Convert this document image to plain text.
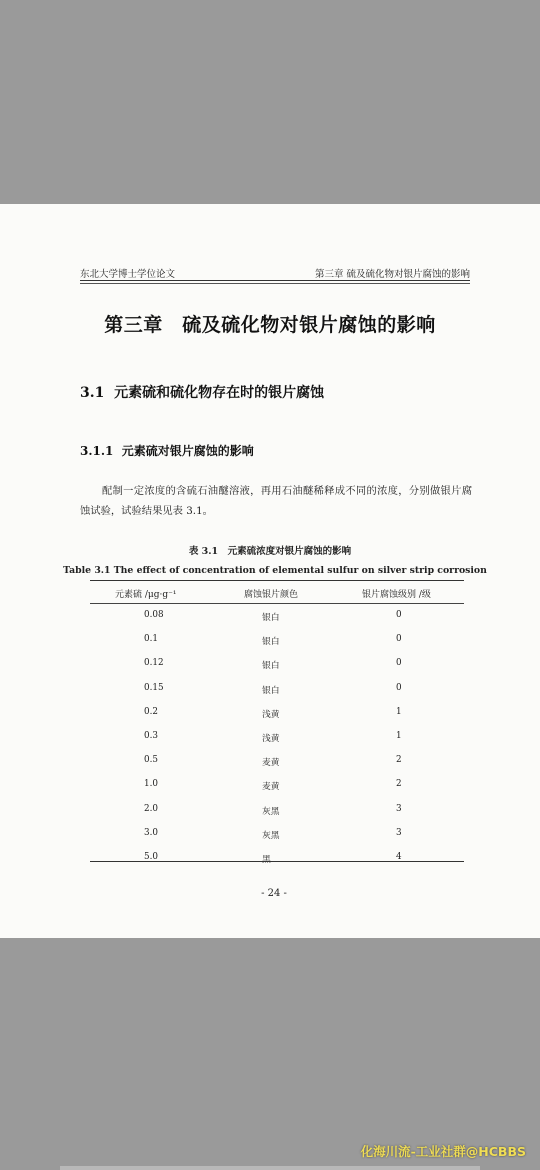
东北大学博士学位论文	第三章 硫及硫化物对银片腐蚀的影响
第三章　硫及硫化物对银片腐蚀的影响
3.1 元素硫和硫化物存在时的银片腐蚀
3.1.1 元素硫对银片腐蚀的影响
配制一定浓度的含硫石油醚溶液，再用石油醚稀释成不同的浓度，分别做银片腐蚀试验，试验结果见表 3.1。
表 3.1　元素硫浓度对银片腐蚀的影响
Table 3.1 The effect of concentration of elemental sulfur on silver strip corrosion
元素硫 /μg·g⁻¹	腐蚀银片颜色	银片腐蚀级别 /级
0.08	银白	0
0.1	银白	0
0.12	银白	0
0.15	银白	0
0.2	浅黄	1
0.3	浅黄	1
0.5	麦黄	2
1.0	麦黄	2
2.0	灰黑	3
3.0	灰黑	3
5.0	黑	4
- 24 -
化海川流-工业社群@HCBBS
